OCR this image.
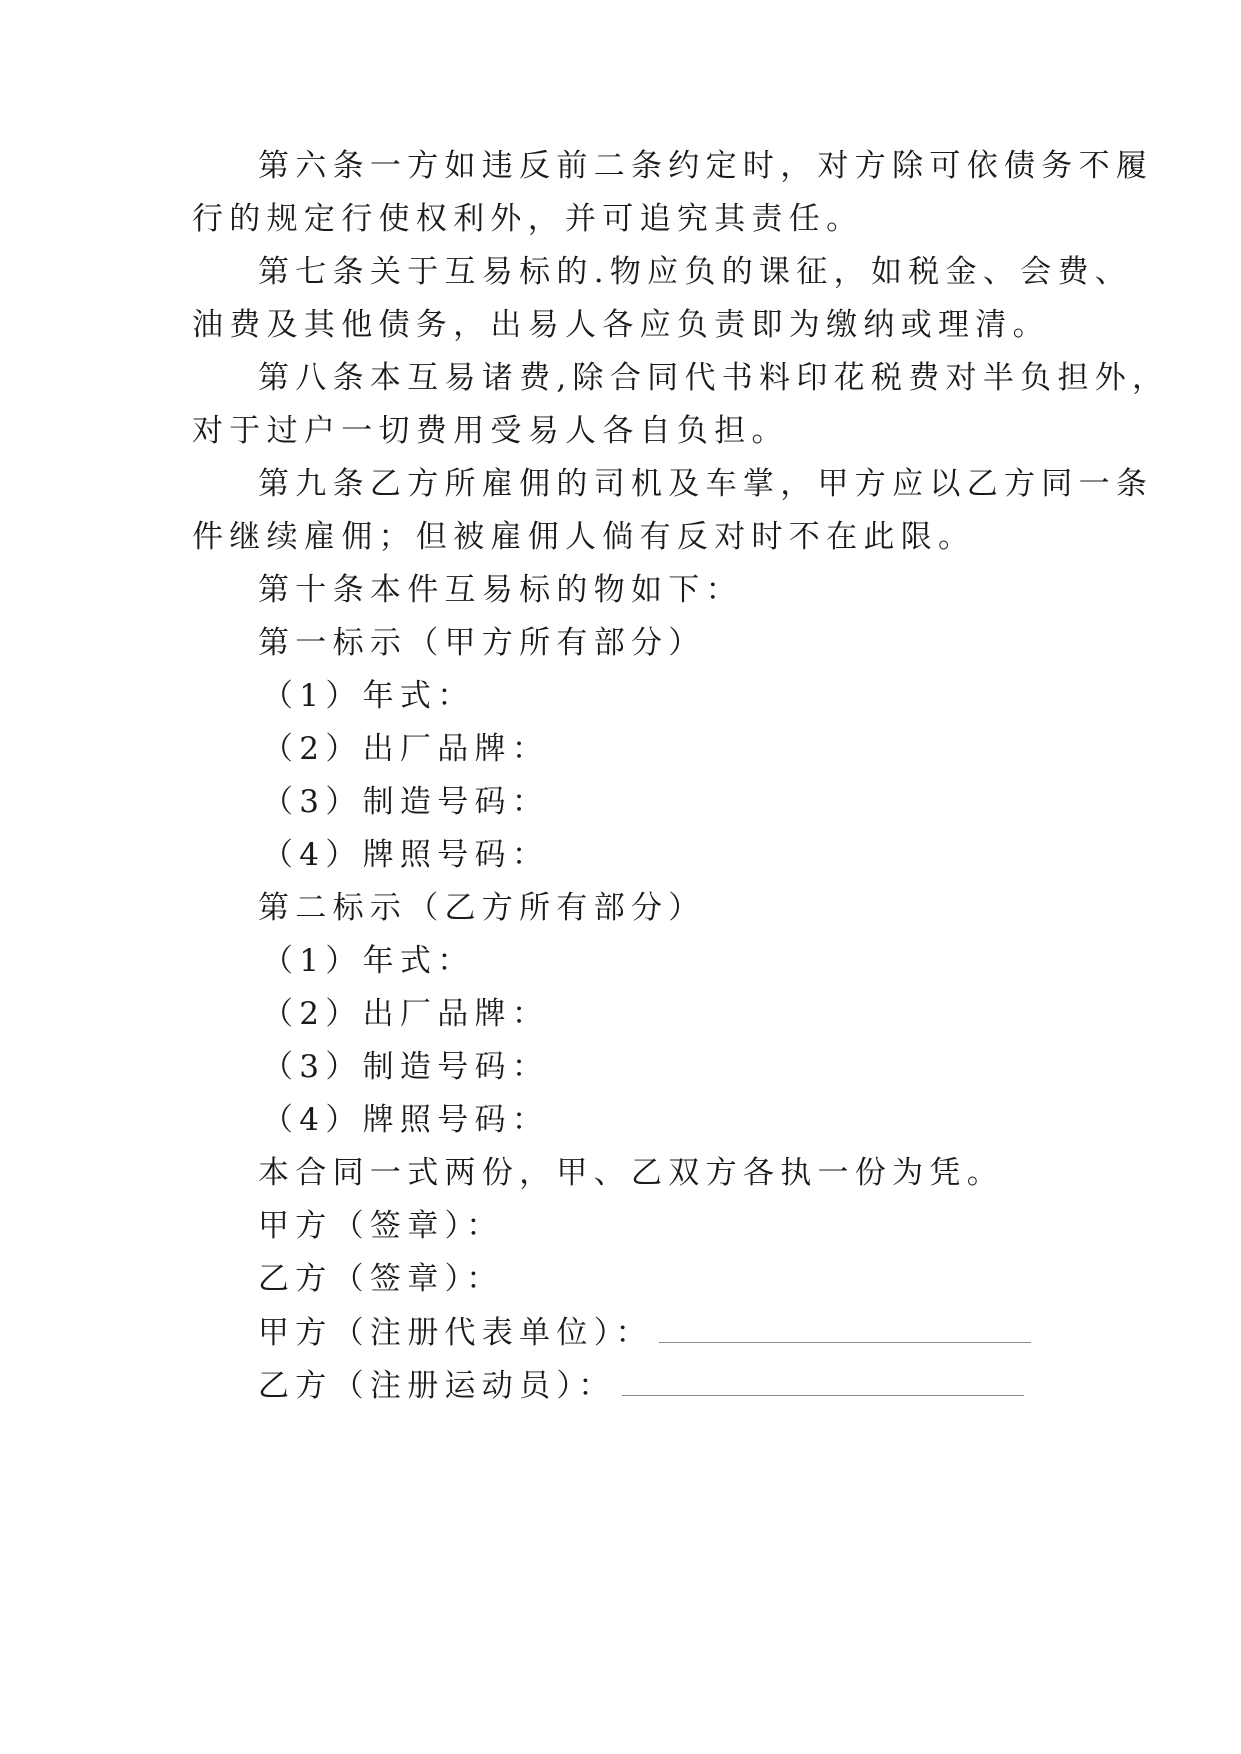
第六条一方如违反前二条约定时，对方除可依债务不履
行的规定行使权利外，并可追究其责任。
第七条关于互易标的.物应负的课征，如税金、会费、
油费及其他债务，出易人各应负责即为缴纳或理清。
第八条本互易诸费,除合同代书料印花税费对半负担外，
对于过户一切费用受易人各自负担。
第九条乙方所雇佣的司机及车掌，甲方应以乙方同一条
件继续雇佣；但被雇佣人倘有反对时不在此限。
第十条本件互易标的物如下：
第一标示（甲方所有部分）
（1）年式：
（2）出厂品牌：
（3）制造号码：
（4）牌照号码：
第二标示（乙方所有部分）
（1）年式：
（2）出厂品牌：
（3）制造号码：
（4）牌照号码：
本合同一式两份，甲、乙双方各执一份为凭。
甲方（签章）：
乙方（签章）：
甲方（注册代表单位）：
乙方（注册运动员）：
